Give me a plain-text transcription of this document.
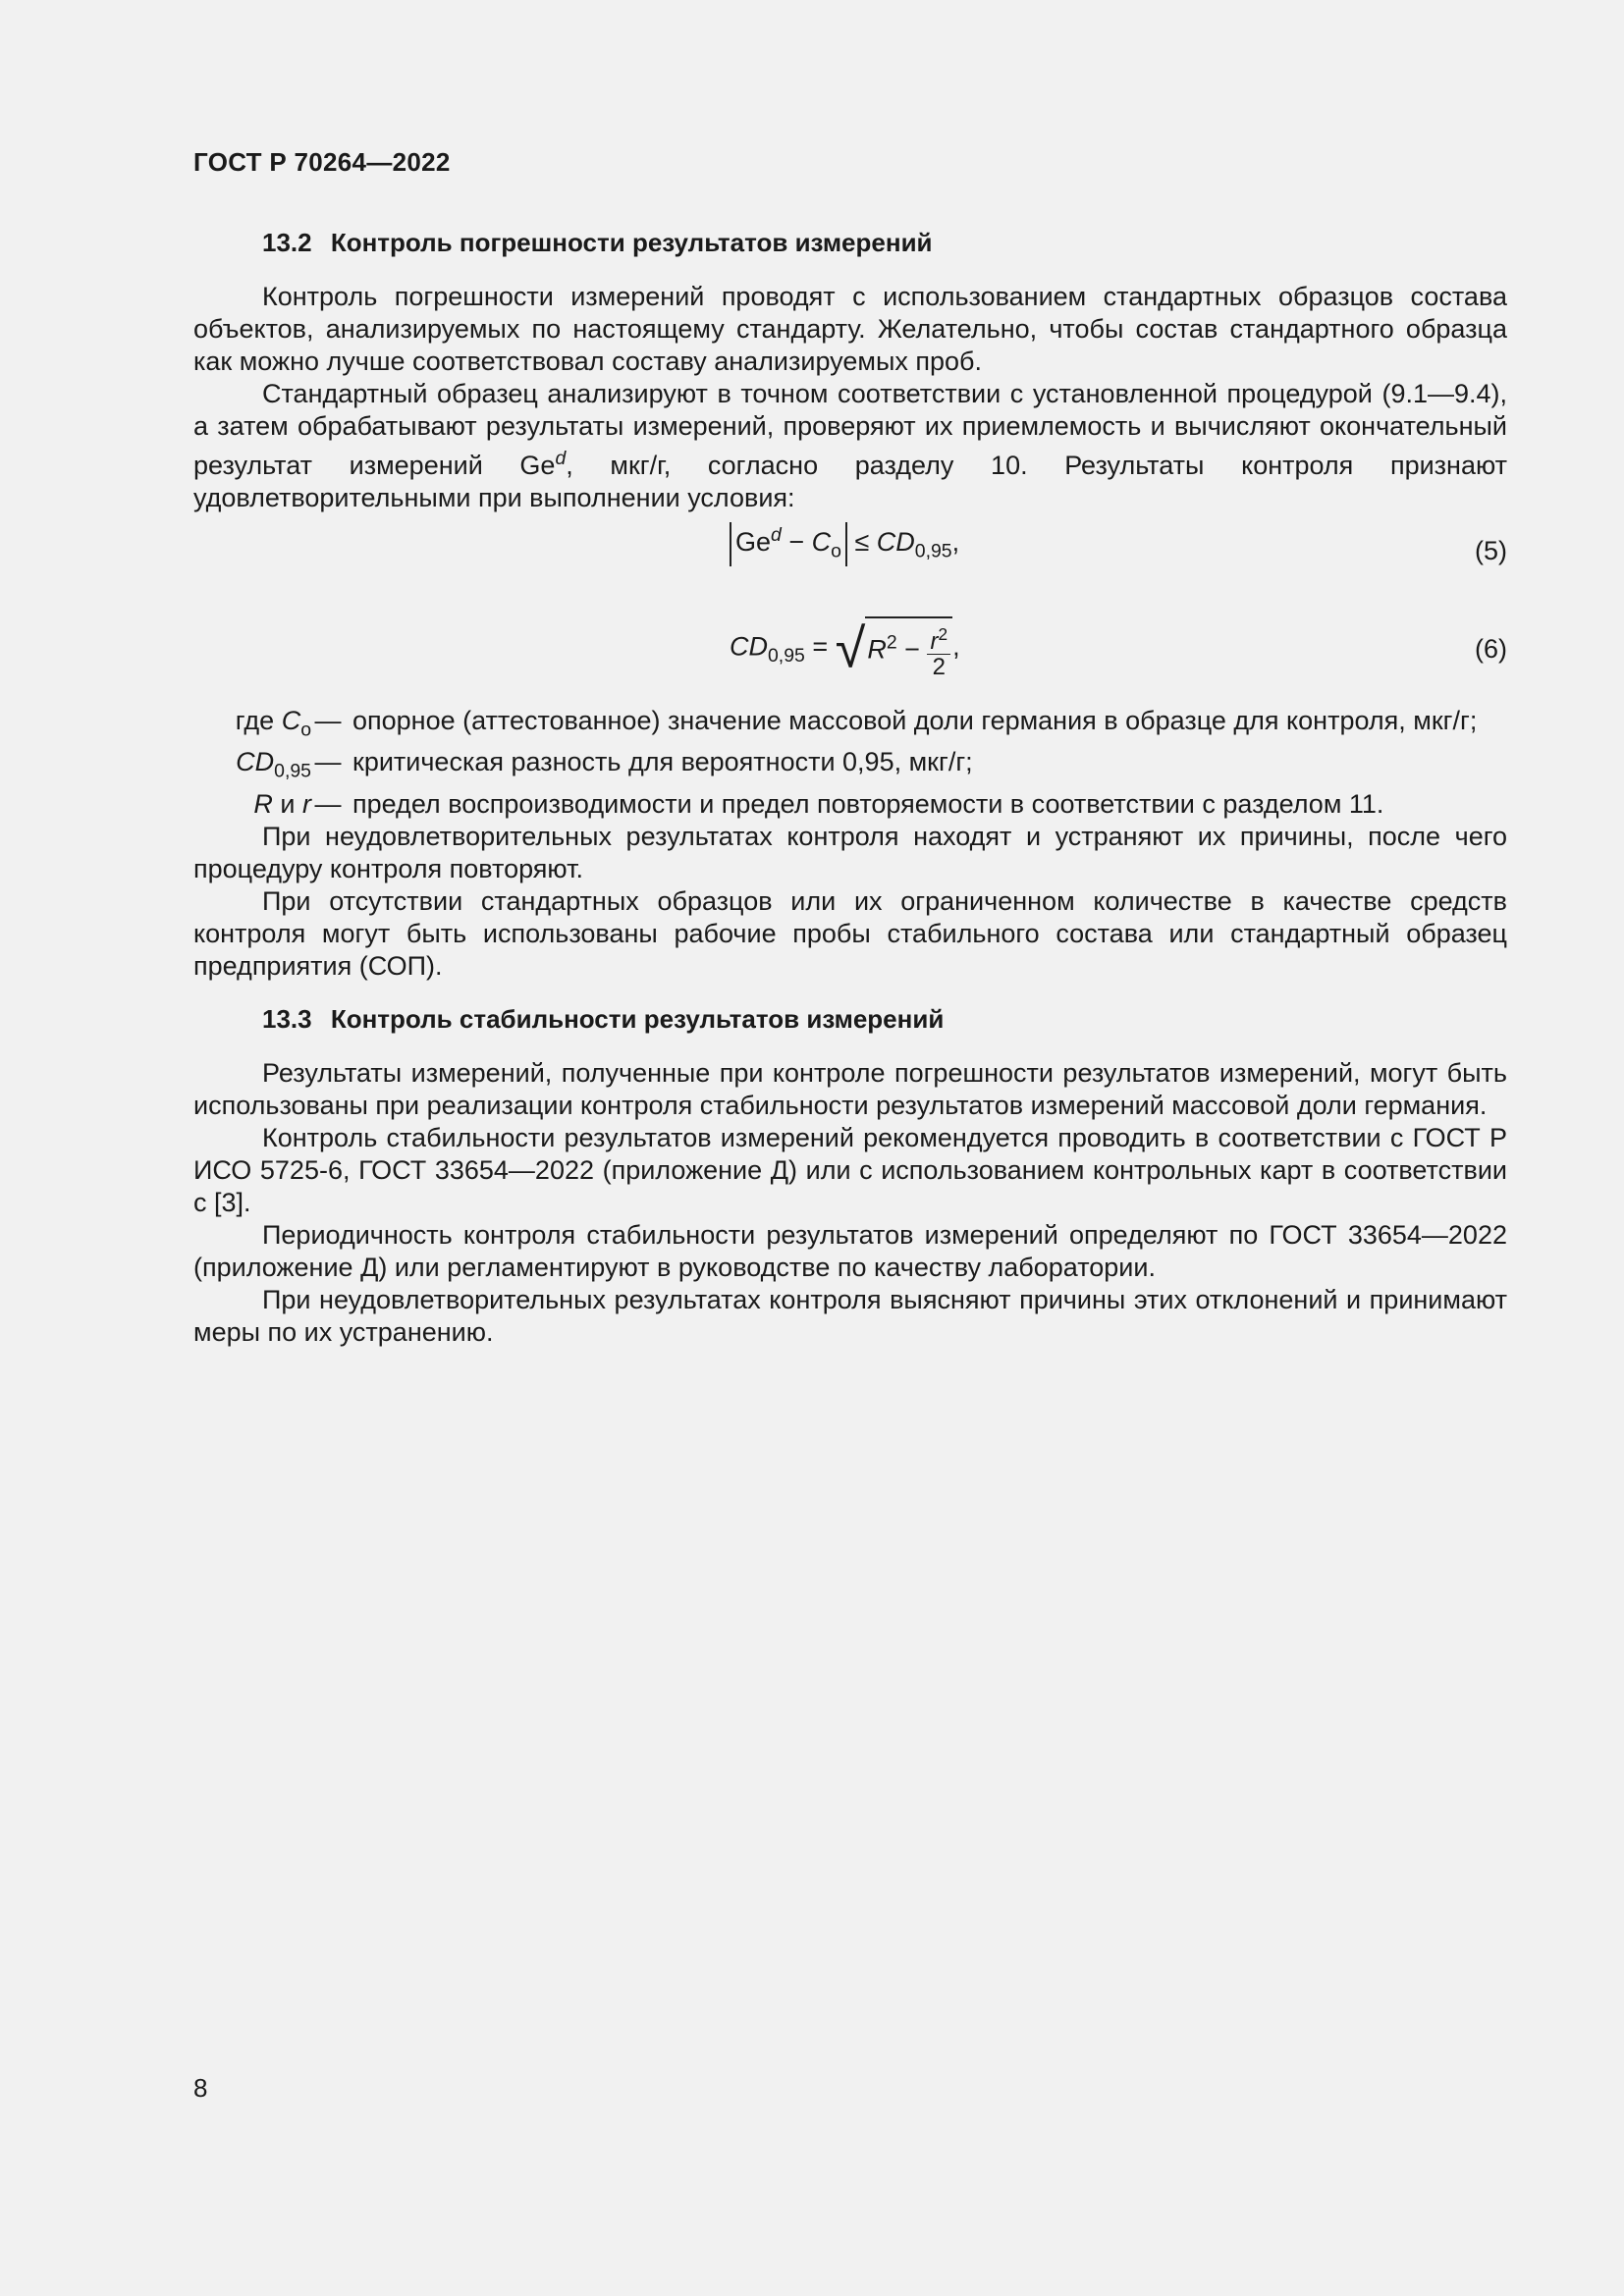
ГОСТ Р 70264—2022
13.2 Контроль погрешности результатов измерений

Контроль погрешности измерений проводят с использованием стандартных образцов состава объектов, анализируемых по настоящему стандарту. Желательно, чтобы состав стандартного образца как можно лучше соответствовал составу анализируемых проб.

Стандартный образец анализируют в точном соответствии с установленной процедурой (9.1—9.4), а затем обрабатывают результаты измерений, проверяют их приемлемость и вычисляют окончательный результат измерений Ge$^d$, мкг/г, согласно разделу 10. Результаты контроля признают удовлетворительными при выполнении условия:

$Ge^d - C_о \le CD_{0,95}$,	(5)
$CD_{0,95} = √R^2 - \frac{r^2}{2}$ ,	(6)
где $C_о$ — опорное (аттестованное) значение массовой доли германия в образце для контроля, мкг/г;
$CD_{0,95}$ — критическая разность для вероятности 0,95, мкг/г;
R и r — предел воспроизводимости и предел повторяемости в соответствии с разделом 11.

При неудовлетворительных результатах контроля находят и устраняют их причины, после чего процедуру контроля повторяют.

При отсутствии стандартных образцов или их ограниченном количестве в качестве средств контроля могут быть использованы рабочие пробы стабильного состава или стандартный образец предприятия (СОП).

13.3 Контроль стабильности результатов измерений

Результаты измерений, полученные при контроле погрешности результатов измерений, могут быть использованы при реализации контроля стабильности результатов измерений массовой доли германия.

Контроль стабильности результатов измерений рекомендуется проводить в соответствии с ГОСТ Р ИСО 5725-6, ГОСТ 33654—2022 (приложение Д) или с использованием контрольных карт в соответствии с [3].

Периодичность контроля стабильности результатов измерений определяют по ГОСТ 33654—2022 (приложение Д) или регламентируют в руководстве по качеству лаборатории.

При неудовлетворительных результатах контроля выясняют причины этих отклонений и принимают меры по их устранению.

8
